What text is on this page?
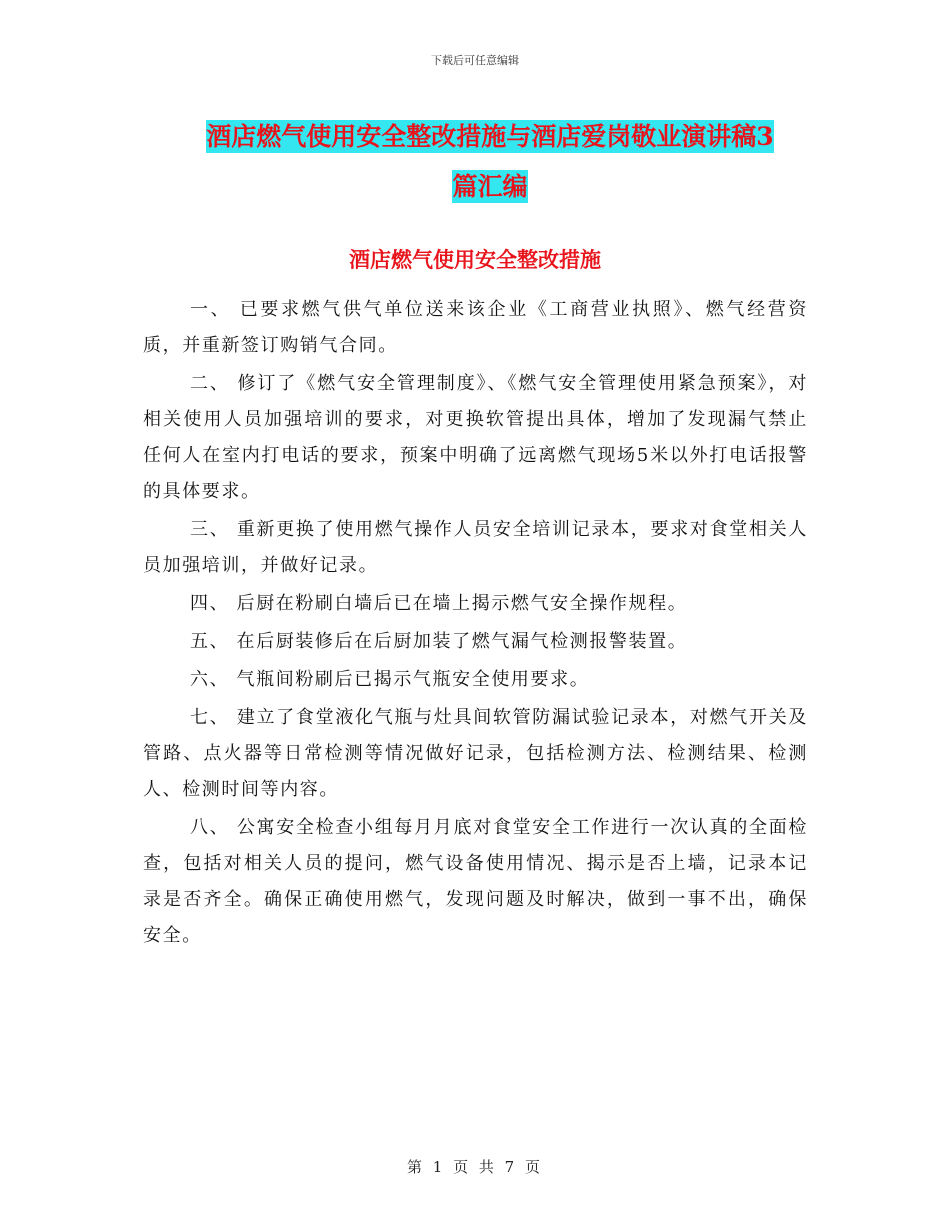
下载后可任意编辑
酒店燃气使用安全整改措施与酒店爱岗敬业演讲稿3
篇汇编
酒店燃气使用安全整改措施

一、 已要求燃气供气单位送来该企业《工商营业执照》、燃气经营资质，并重新签订购销气合同。

二、 修订了《燃气安全管理制度》、《燃气安全管理使用紧急预案》，对相关使用人员加强培训的要求，对更换软管提出具体，增加了发现漏气禁止任何人在室内打电话的要求，预案中明确了远离燃气现场5米以外打电话报警的具体要求。

三、 重新更换了使用燃气操作人员安全培训记录本，要求对食堂相关人员加强培训，并做好记录。

四、 后厨在粉刷白墙后已在墙上揭示燃气安全操作规程。

五、 在后厨装修后在后厨加装了燃气漏气检测报警装置。

六、 气瓶间粉刷后已揭示气瓶安全使用要求。

七、 建立了食堂液化气瓶与灶具间软管防漏试验记录本，对燃气开关及管路、点火器等日常检测等情况做好记录，包括检测方法、检测结果、检测人、检测时间等内容。

八、 公寓安全检查小组每月月底对食堂安全工作进行一次认真的全面检查，包括对相关人员的提问，燃气设备使用情况、揭示是否上墙，记录本记录是否齐全。确保正确使用燃气，发现问题及时解决，做到一事不出，确保安全。

第 1 页 共 7 页
